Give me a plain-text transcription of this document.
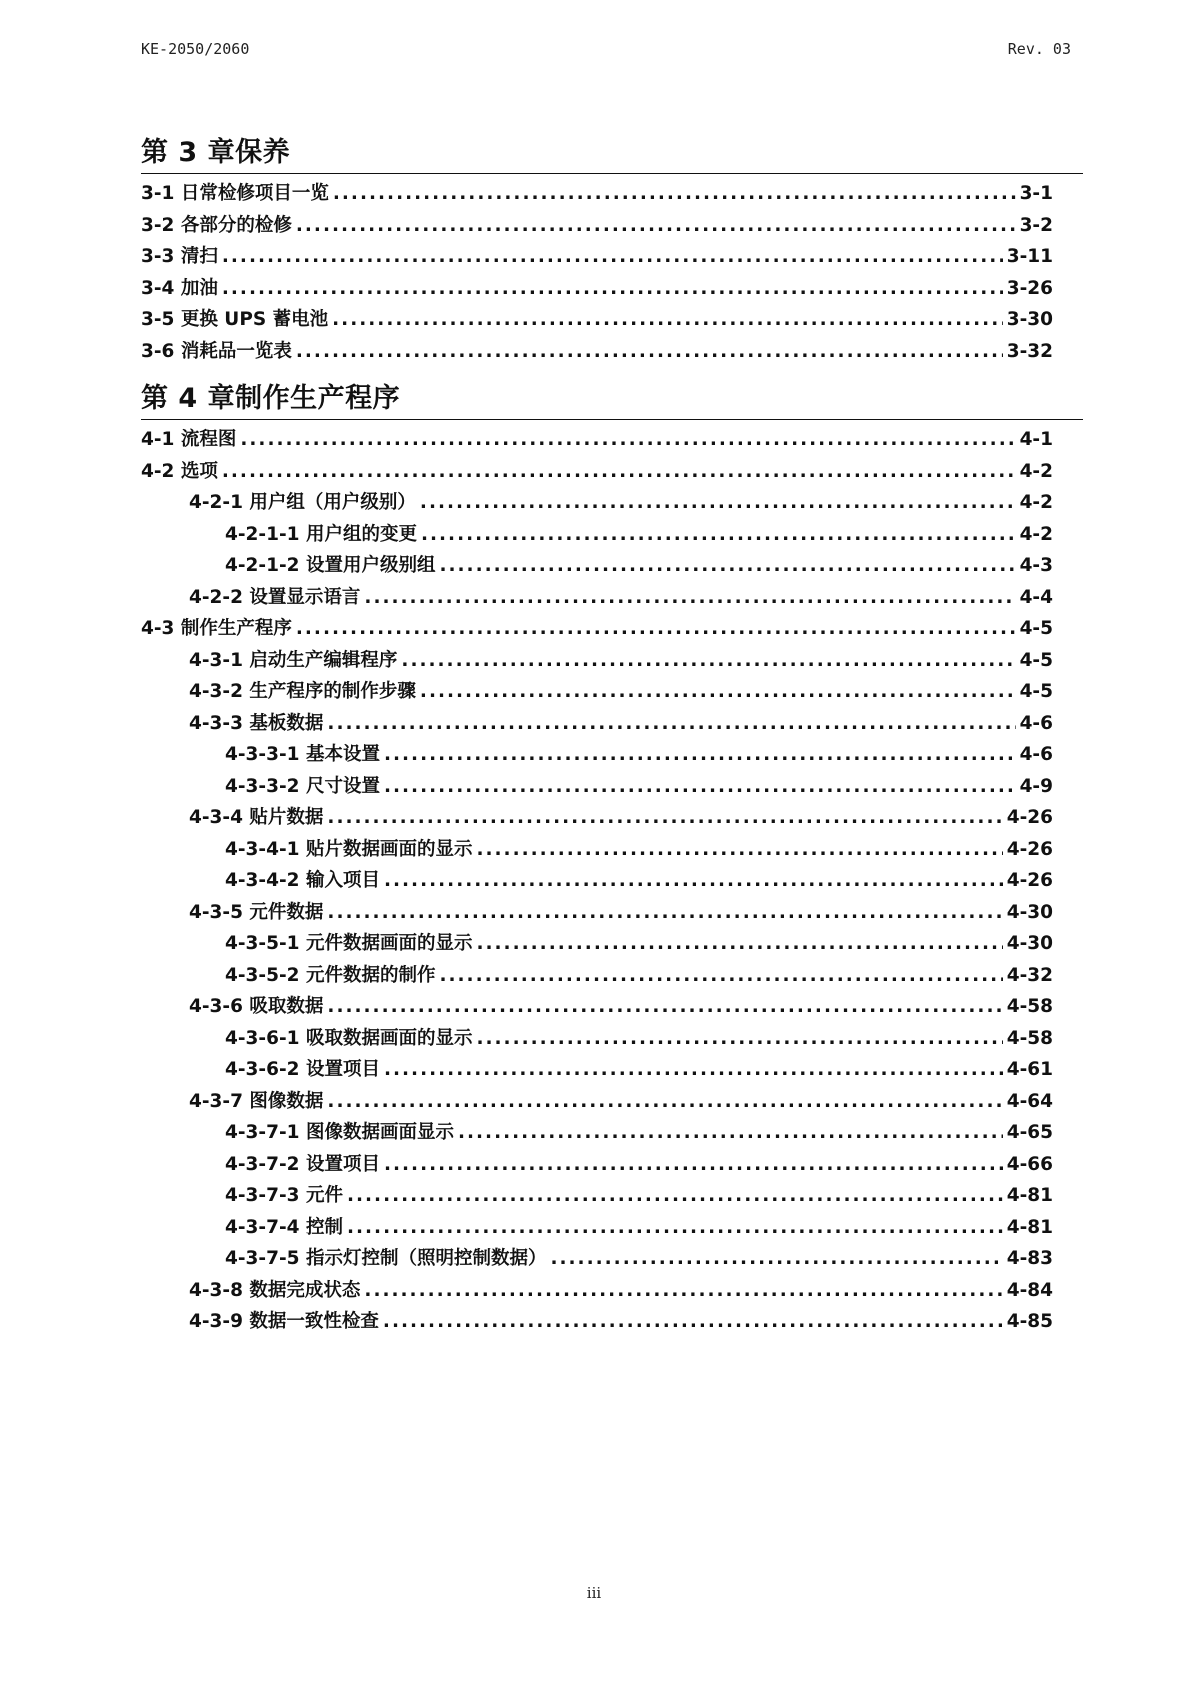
KE-2050/2060	Rev. 03
第 3 章保养
3-1 日常检修项目一览 .....	3-1
3-2 各部分的检修 .....	3-2
3-3 清扫 .....	3-11
3-4 加油 .....	3-26
3-5 更换 UPS 蓄电池 .....	3-30
3-6 消耗品一览表 .....	3-32
第 4 章制作生产程序
4-1 流程图 .....	4-1
4-2 选项 .....	4-2
4-2-1 用户组（用户级别） .....	4-2
4-2-1-1 用户组的变更 .....	4-2
4-2-1-2 设置用户级别组 .....	4-3
4-2-2 设置显示语言 .....	4-4
4-3 制作生产程序 .....	4-5
4-3-1 启动生产编辑程序 .....	4-5
4-3-2 生产程序的制作步骤 .....	4-5
4-3-3 基板数据 .....	4-6
4-3-3-1 基本设置 .....	4-6
4-3-3-2 尺寸设置 .....	4-9
4-3-4 贴片数据 .....	4-26
4-3-4-1 贴片数据画面的显示 .....	4-26
4-3-4-2 输入项目 .....	4-26
4-3-5 元件数据 .....	4-30
4-3-5-1 元件数据画面的显示 .....	4-30
4-3-5-2 元件数据的制作 .....	4-32
4-3-6 吸取数据 .....	4-58
4-3-6-1 吸取数据画面的显示 .....	4-58
4-3-6-2 设置项目 .....	4-61
4-3-7 图像数据 .....	4-64
4-3-7-1 图像数据画面显示 .....	4-65
4-3-7-2 设置项目 .....	4-66
4-3-7-3 元件 .....	4-81
4-3-7-4 控制 .....	4-81
4-3-7-5 指示灯控制（照明控制数据） .....	4-83
4-3-8 数据完成状态 .....	4-84
4-3-9 数据一致性检查 .....	4-85
iii
